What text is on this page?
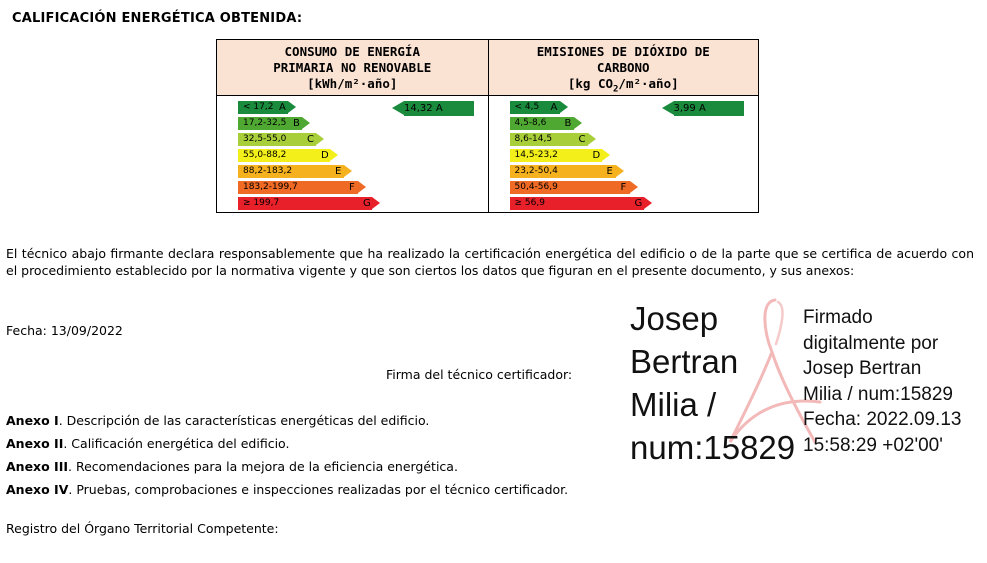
CALIFICACIÓN ENERGÉTICA OBTENIDA:
CONSUMO DE ENERGÍA
PRIMARIA NO RENOVABLE
[kWh/m²·año]
< 17,2 A
17,2-32,5 B
32,5-55,0 C
55,0-88,2	D
88,2-183,2	E
183,2-199,7	F
≥ 199,7	G
14,32 A
EMISIONES DE DIÓXIDO DE
CARBONO
[kg $CO_2/m^2\cdot año$]
< 4,5 A
4,5-8,6 B
8,6-14,5	C
14,5-23,2	D
23,2-50,4	E
50,4-56,9	F
≥ 56,9	G
3,99 A
El técnico abajo firmante declara responsablemente que ha realizado la certificación energética del edificio o de la parte que se certifica de acuerdo con el procedimiento establecido por la normativa vigente y que son ciertos los datos que figuran en el presente documento, y sus anexos:
Fecha: 13/09/2022
Firma del técnico certificador:
Anexo I. Descripción de las características energéticas del edificio.
Anexo II. Calificación energética del edificio.
Anexo III. Recomendaciones para la mejora de la eficiencia energética.
Anexo IV. Pruebas, comprobaciones e inspecciones realizadas por el técnico certificador.
Registro del Órgano Territorial Competente:
Josep
Bertran
Milia /
num:15829
Firmado
digitalmente por
Josep Bertran
Milia / num:15829
Fecha: 2022.09.13
15:58:29 +02'00'
